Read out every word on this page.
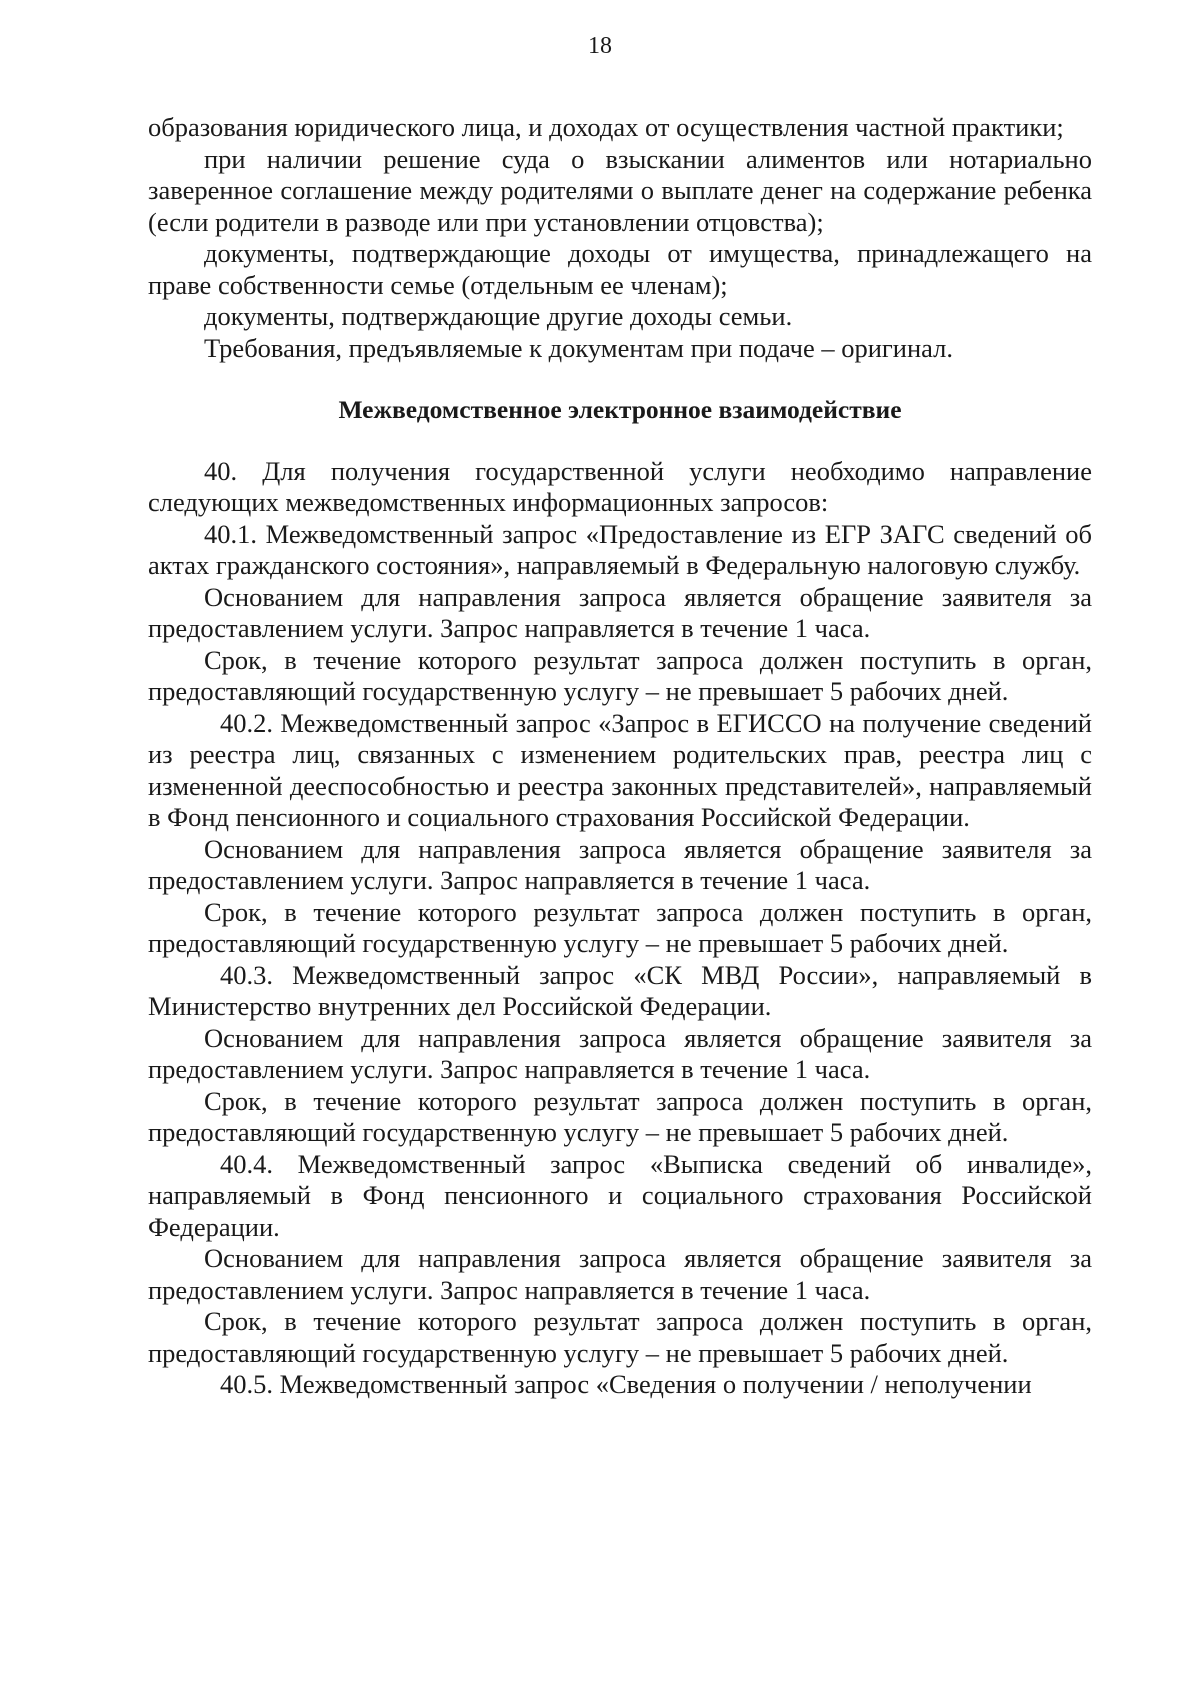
18

образования юридического лица, и доходах от осуществления частной практики;

при наличии решение суда о взыскании алиментов или нотариально заверенное соглашение между родителями о выплате денег на содержание ребенка (если родители в разводе или при установлении отцовства);

документы, подтверждающие доходы от имущества, принадлежащего на праве собственности семье (отдельным ее членам);

документы, подтверждающие другие доходы семьи.

Требования, предъявляемые к документам при подаче – оригинал.

Межведомственное электронное взаимодействие

40. Для получения государственной услуги необходимо направление следующих межведомственных информационных запросов:

40.1. Межведомственный запрос «Предоставление из ЕГР ЗАГС сведений об актах гражданского состояния», направляемый в Федеральную налоговую службу.

Основанием для направления запроса является обращение заявителя за предоставлением услуги. Запрос направляется в течение 1 часа.

Срок, в течение которого результат запроса должен поступить в орган, предоставляющий государственную услугу – не превышает 5 рабочих дней.

40.2. Межведомственный запрос «Запрос в ЕГИССО на получение сведений из реестра лиц, связанных с изменением родительских прав, реестра лиц с измененной дееспособностью и реестра законных представителей», направляемый в Фонд пенсионного и социального страхования Российской Федерации.

Основанием для направления запроса является обращение заявителя за предоставлением услуги. Запрос направляется в течение 1 часа.

Срок, в течение которого результат запроса должен поступить в орган, предоставляющий государственную услугу – не превышает 5 рабочих дней.

40.3. Межведомственный запрос «СК МВД России», направляемый в Министерство внутренних дел Российской Федерации.

Основанием для направления запроса является обращение заявителя за предоставлением услуги. Запрос направляется в течение 1 часа.

Срок, в течение которого результат запроса должен поступить в орган, предоставляющий государственную услугу – не превышает 5 рабочих дней.

40.4. Межведомственный запрос «Выписка сведений об инвалиде», направляемый в Фонд пенсионного и социального страхования Российской Федерации.

Основанием для направления запроса является обращение заявителя за предоставлением услуги. Запрос направляется в течение 1 часа.

Срок, в течение которого результат запроса должен поступить в орган, предоставляющий государственную услугу – не превышает 5 рабочих дней.

40.5. Межведомственный запрос «Сведения о получении / неполучении
